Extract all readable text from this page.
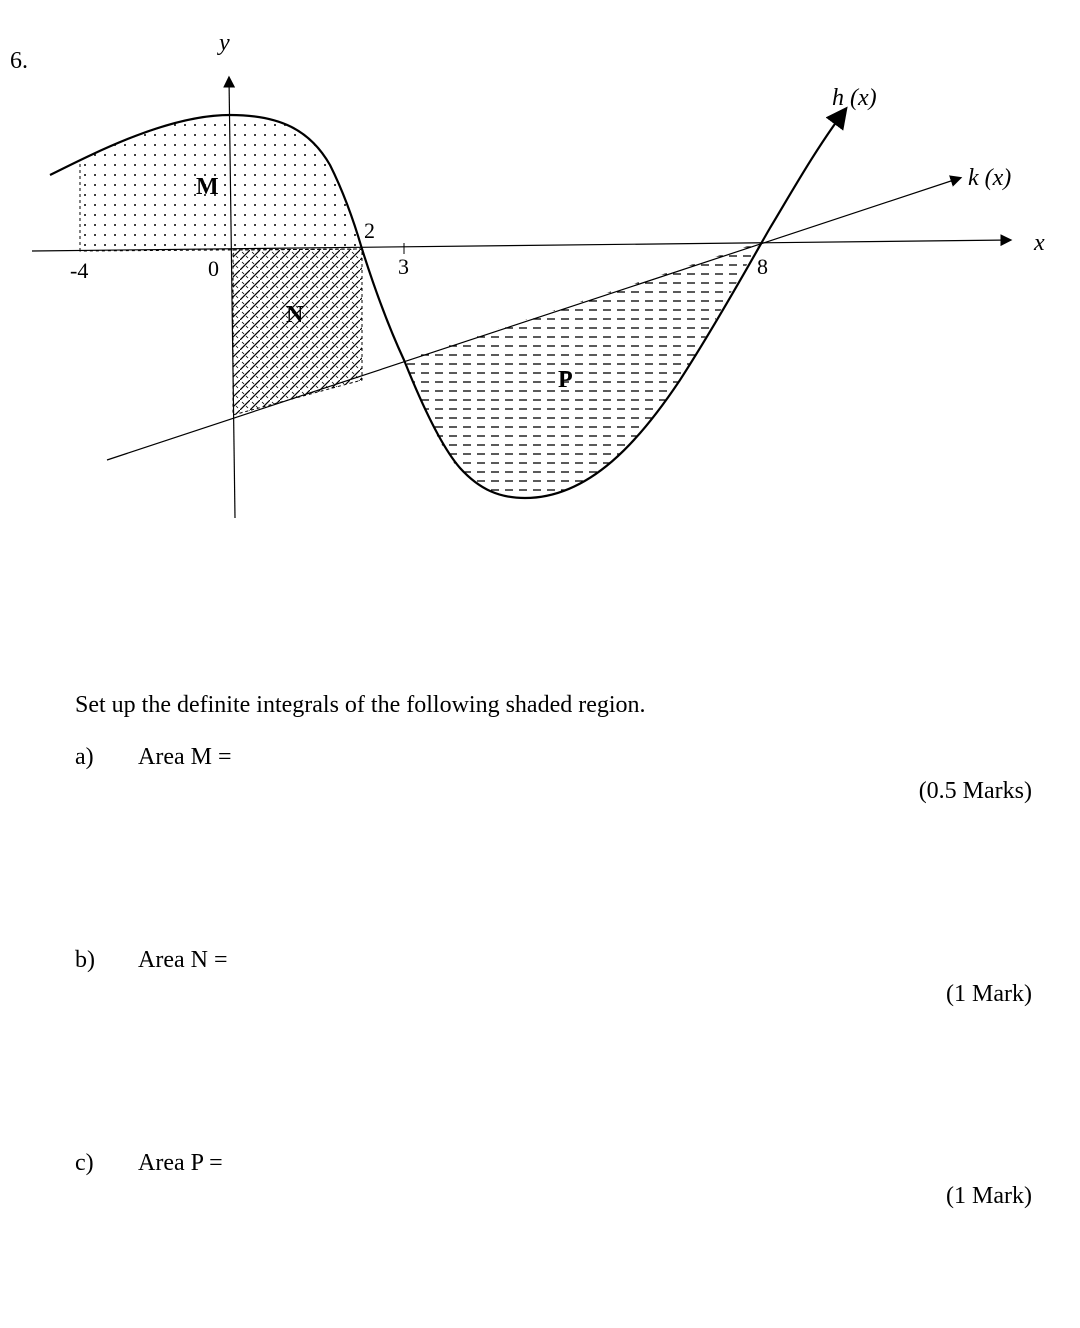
6.
y
x
h (x)
k (x)
-4	0
2
3	8
M
N
P
Set up the definite integrals of the following shaded region.
a) Area M =
(0.5 Marks)
b) Area N =
(1 Mark)
c) Area P =
(1 Mark)
